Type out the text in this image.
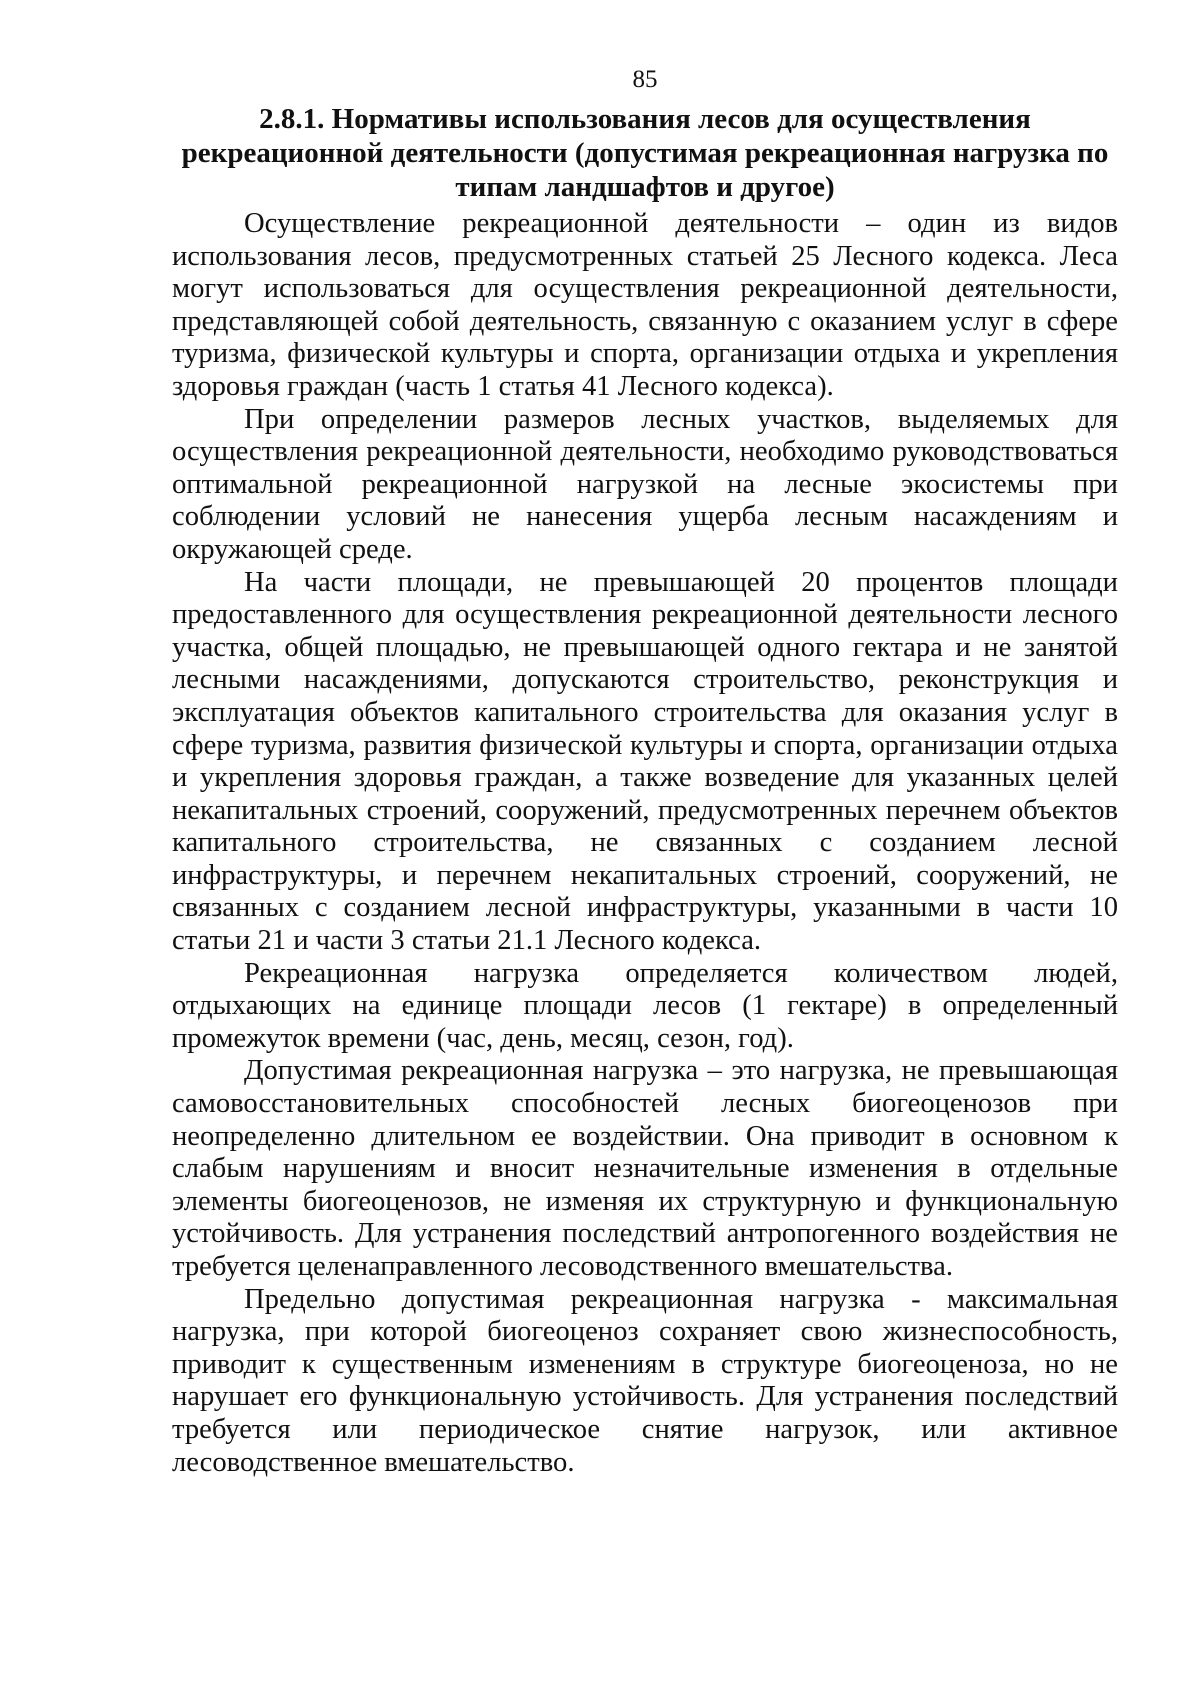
85
2.8.1. Нормативы использования лесов для осуществления рекреационной деятельности (допустимая рекреационная нагрузка по типам ландшафтов и другое)

Осуществление рекреационной деятельности – один из видов использования лесов, предусмотренных статьей 25 Лесного кодекса. Леса могут использоваться для осуществления рекреационной деятельности, представляющей собой деятельность, связанную с оказанием услуг в сфере туризма, физической культуры и спорта, организации отдыха и укрепления здоровья граждан (часть 1 статья 41 Лесного кодекса).

При определении размеров лесных участков, выделяемых для осуществления рекреационной деятельности, необходимо руководствоваться оптимальной рекреационной нагрузкой на лесные экосистемы при соблюдении условий не нанесения ущерба лесным насаждениям и окружающей среде.

На части площади, не превышающей 20 процентов площади предоставленного для осуществления рекреационной деятельности лесного участка, общей площадью, не превышающей одного гектара и не занятой лесными насаждениями, допускаются строительство, реконструкция и эксплуатация объектов капитального строительства для оказания услуг в сфере туризма, развития физической культуры и спорта, организации отдыха и укрепления здоровья граждан, а также возведение для указанных целей некапитальных строений, сооружений, предусмотренных перечнем объектов капитального строительства, не связанных с созданием лесной инфраструктуры, и перечнем некапитальных строений, сооружений, не связанных с созданием лесной инфраструктуры, указанными в части 10 статьи 21 и части 3 статьи 21.1 Лесного кодекса.

Рекреационная нагрузка определяется количеством людей, отдыхающих на единице площади лесов (1 гектаре) в определенный промежуток времени (час, день, месяц, сезон, год).

Допустимая рекреационная нагрузка – это нагрузка, не превышающая самовосстановительных способностей лесных биогеоценозов при неопределенно длительном ее воздействии. Она приводит в основном к слабым нарушениям и вносит незначительные изменения в отдельные элементы биогеоценозов, не изменяя их структурную и функциональную устойчивость. Для устранения последствий антропогенного воздействия не требуется целенаправленного лесоводственного вмешательства.

Предельно допустимая рекреационная нагрузка - максимальная нагрузка, при которой биогеоценоз сохраняет свою жизнеспособность, приводит к существенным изменениям в структуре биогеоценоза, но не нарушает его функциональную устойчивость. Для устранения последствий требуется или периодическое снятие нагрузок, или активное лесоводственное вмешательство.
